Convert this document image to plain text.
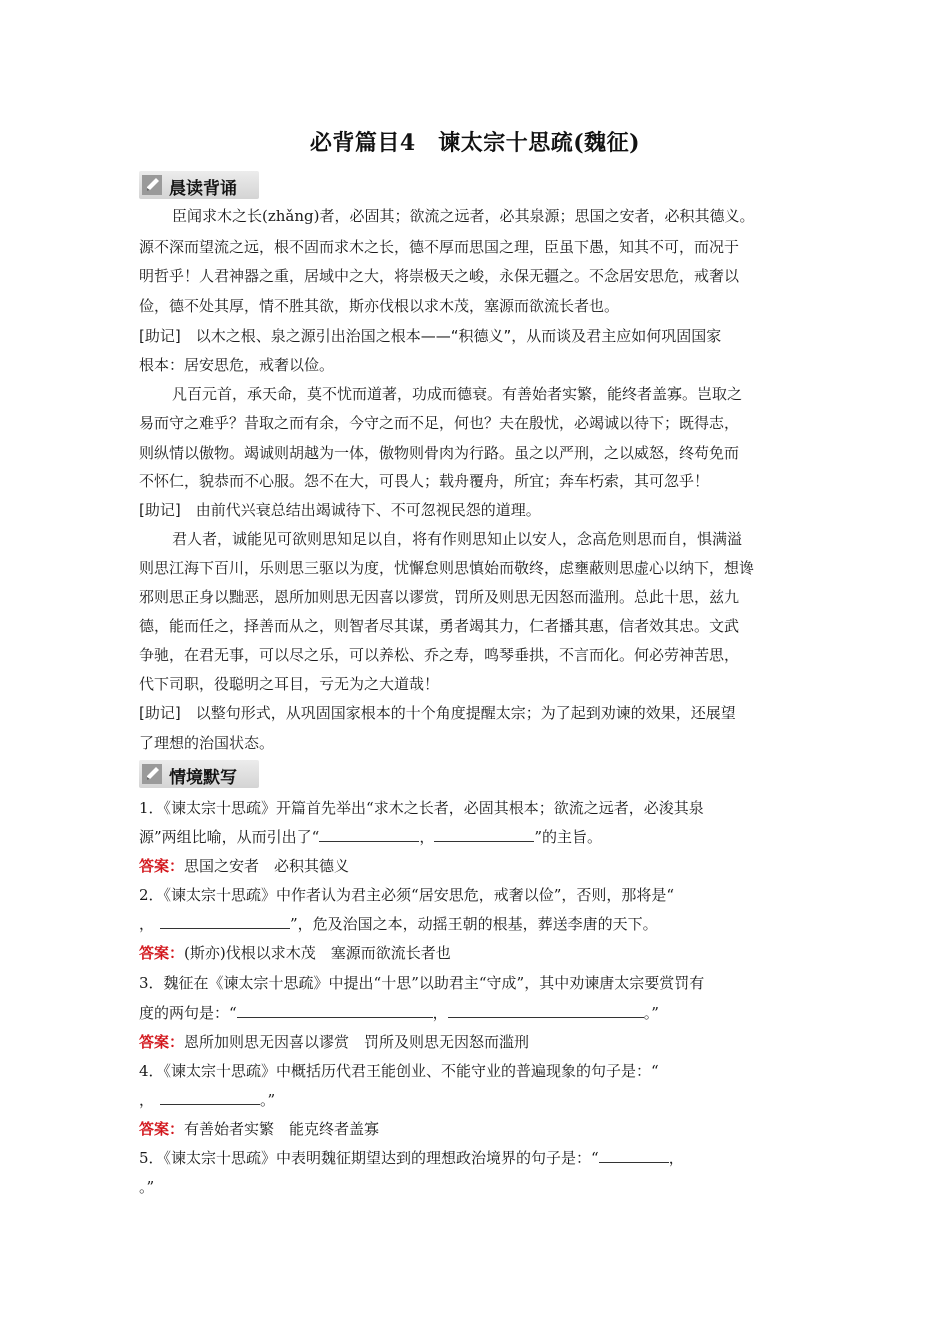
必背篇目4　谏太宗十思疏(魏征)
晨读背诵
臣闻求木之长(zhǎng)者，必固其；欲流之远者，必其泉源；思国之安者，必积其德义。
源不深而望流之远，根不固而求木之长，德不厚而思国之理，臣虽下愚，知其不可，而况于
明哲乎！人君神器之重，居域中之大，将崇极天之峻，永保无疆之。不念居安思危，戒奢以
俭，德不处其厚，情不胜其欲，斯亦伐根以求木茂，塞源而欲流长者也。
[助记]　以木之根、泉之源引出治国之根本——“积德义”，从而谈及君主应如何巩固国家
根本：居安思危，戒奢以俭。
凡百元首，承天命，莫不忧而道著，功成而德衰。有善始者实繁，能终者盖寡。岂取之
易而守之难乎？昔取之而有余，今守之而不足，何也？夫在殷忧，必竭诚以待下；既得志，
则纵情以傲物。竭诚则胡越为一体，傲物则骨肉为行路。虽之以严刑，之以威怒，终苟免而
不怀仁，貌恭而不心服。怨不在大，可畏人；载舟覆舟，所宜；奔车朽索，其可忽乎！
[助记]　由前代兴衰总结出竭诚待下、不可忽视民怨的道理。
君人者，诚能见可欲则思知足以自，将有作则思知止以安人，念高危则思而自，惧满溢
则思江海下百川，乐则思三驱以为度，忧懈怠则思慎始而敬终，虑壅蔽则思虚心以纳下，想谗
邪则思正身以黜恶，恩所加则思无因喜以谬赏，罚所及则思无因怒而滥刑。总此十思，兹九
德，能而任之，择善而从之，则智者尽其谋，勇者竭其力，仁者播其惠，信者效其忠。文武
争驰，在君无事，可以尽之乐，可以养松、乔之寿，鸣琴垂拱，不言而化。何必劳神苦思，
代下司职，役聪明之耳目，亏无为之大道哉！
[助记]　以整句形式，从巩固国家根本的十个角度提醒太宗；为了起到劝谏的效果，还展望
了理想的治国状态。
情境默写
1．《谏太宗十思疏》开篇首先举出“求木之长者，必固其根本；欲流之远者，必浚其泉
源”两组比喻，从而引出了“	，	”的主旨。
答案：思国之安者　必积其德义
2．《谏太宗十思疏》中作者认为君主必须“居安思危，戒奢以俭”，否则，那将是“
，	”，危及治国之本，动摇王朝的根基，葬送李唐的天下。
答案：(斯亦)伐根以求木茂　塞源而欲流长者也
3．魏征在《谏太宗十思疏》中提出“十思”以助君主“守成”，其中劝谏唐太宗要赏罚有
度的两句是：“	，	。”
答案：恩所加则思无因喜以谬赏　罚所及则思无因怒而滥刑
4．《谏太宗十思疏》中概括历代君王能创业、不能守业的普遍现象的句子是：“
，	。”
答案：有善始者实繁　能克终者盖寡
5．《谏太宗十思疏》中表明魏征期望达到的理想政治境界的句子是：“	，
。”
